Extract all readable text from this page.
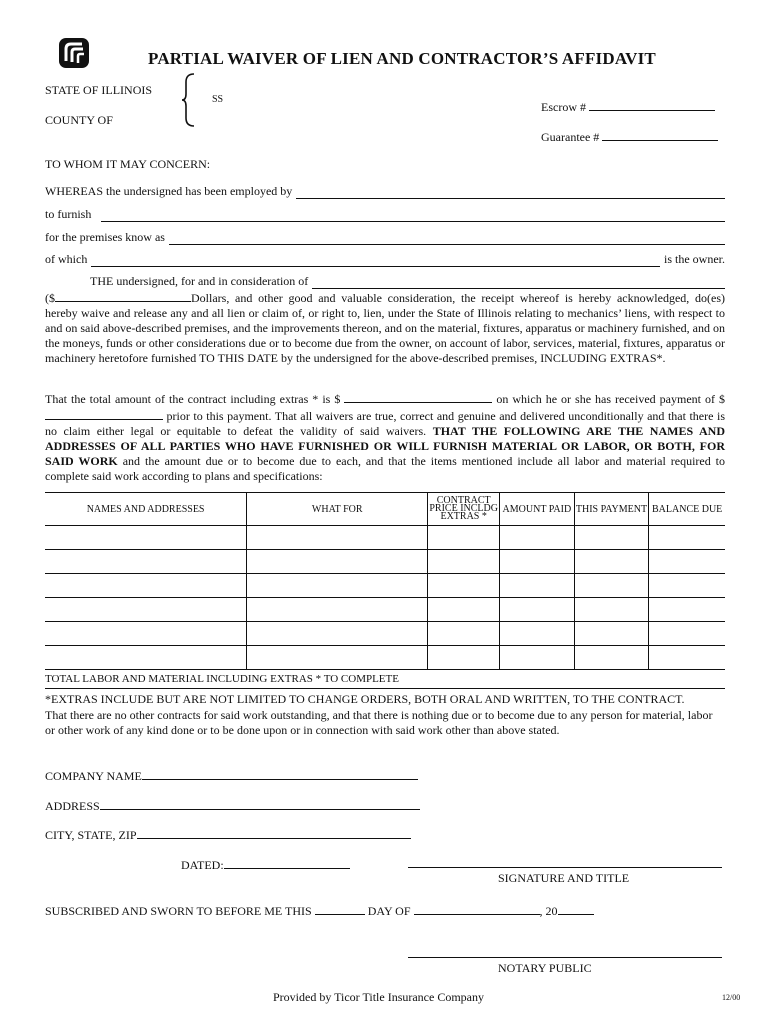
PARTIAL WAIVER OF LIEN AND CONTRACTOR’S AFFIDAVIT
STATE OF ILLINOIS
COUNTY OF
SS
Escrow #
Guarantee #
TO WHOM IT MAY CONCERN:
WHEREAS the undersigned has been employed by
to furnish
for the premises know as
of which	is the owner.
THE undersigned, for and in consideration of
($	Dollars, and other good and valuable consideration, the receipt whereof is hereby acknowledged, do(es) hereby waive and release any and all lien or claim of, or right to, lien, under the State of Illinois relating to mechanics’ liens, with respect to and on said above-described premises, and the improvements thereon, and on the material, fixtures, apparatus or machinery furnished, and on the moneys, funds or other considerations due or to become due from the owner, on account of labor, services, material, fixtures, apparatus or machinery heretofore furnished TO THIS DATE by the undersigned for the above-described premises, INCLUDING EXTRAS*.
That the total amount of the contract including extras * is $	on which he or she has received payment of $  prior to this payment. That all waivers are true, correct and genuine and delivered unconditionally and that there is no claim either legal or equitable to defeat the validity of said waivers. THAT THE FOLLOWING ARE THE NAMES AND ADDRESSES OF ALL PARTIES WHO HAVE FURNISHED OR WILL FURNISH MATERIAL OR LABOR, OR BOTH, FOR SAID WORK and the amount due or to become due to each, and that the items mentioned include all labor and material required to complete said work according to plans and specifications:
NAMES AND ADDRESSES	WHAT FOR	CONTRACT PRICE INCLDG EXTRAS *	AMOUNT PAID	THIS PAYMENT	BALANCE DUE

TOTAL LABOR AND MATERIAL INCLUDING EXTRAS * TO COMPLETE					
*EXTRAS INCLUDE BUT ARE NOT LIMITED TO CHANGE ORDERS, BOTH ORAL AND WRITTEN, TO THE CONTRACT.
That there are no other contracts for said work outstanding, and that there is nothing due or to become due to any person for material, labor or other work of any kind done or to be done upon or in connection with said work other than above stated.
COMPANY NAME
ADDRESS
CITY, STATE, ZIP
DATED:
SIGNATURE AND TITLE
SUBSCRIBED AND SWORN TO BEFORE ME THIS	DAY OF	, 20
NOTARY PUBLIC
Provided by Ticor Title Insurance Company	12/00
